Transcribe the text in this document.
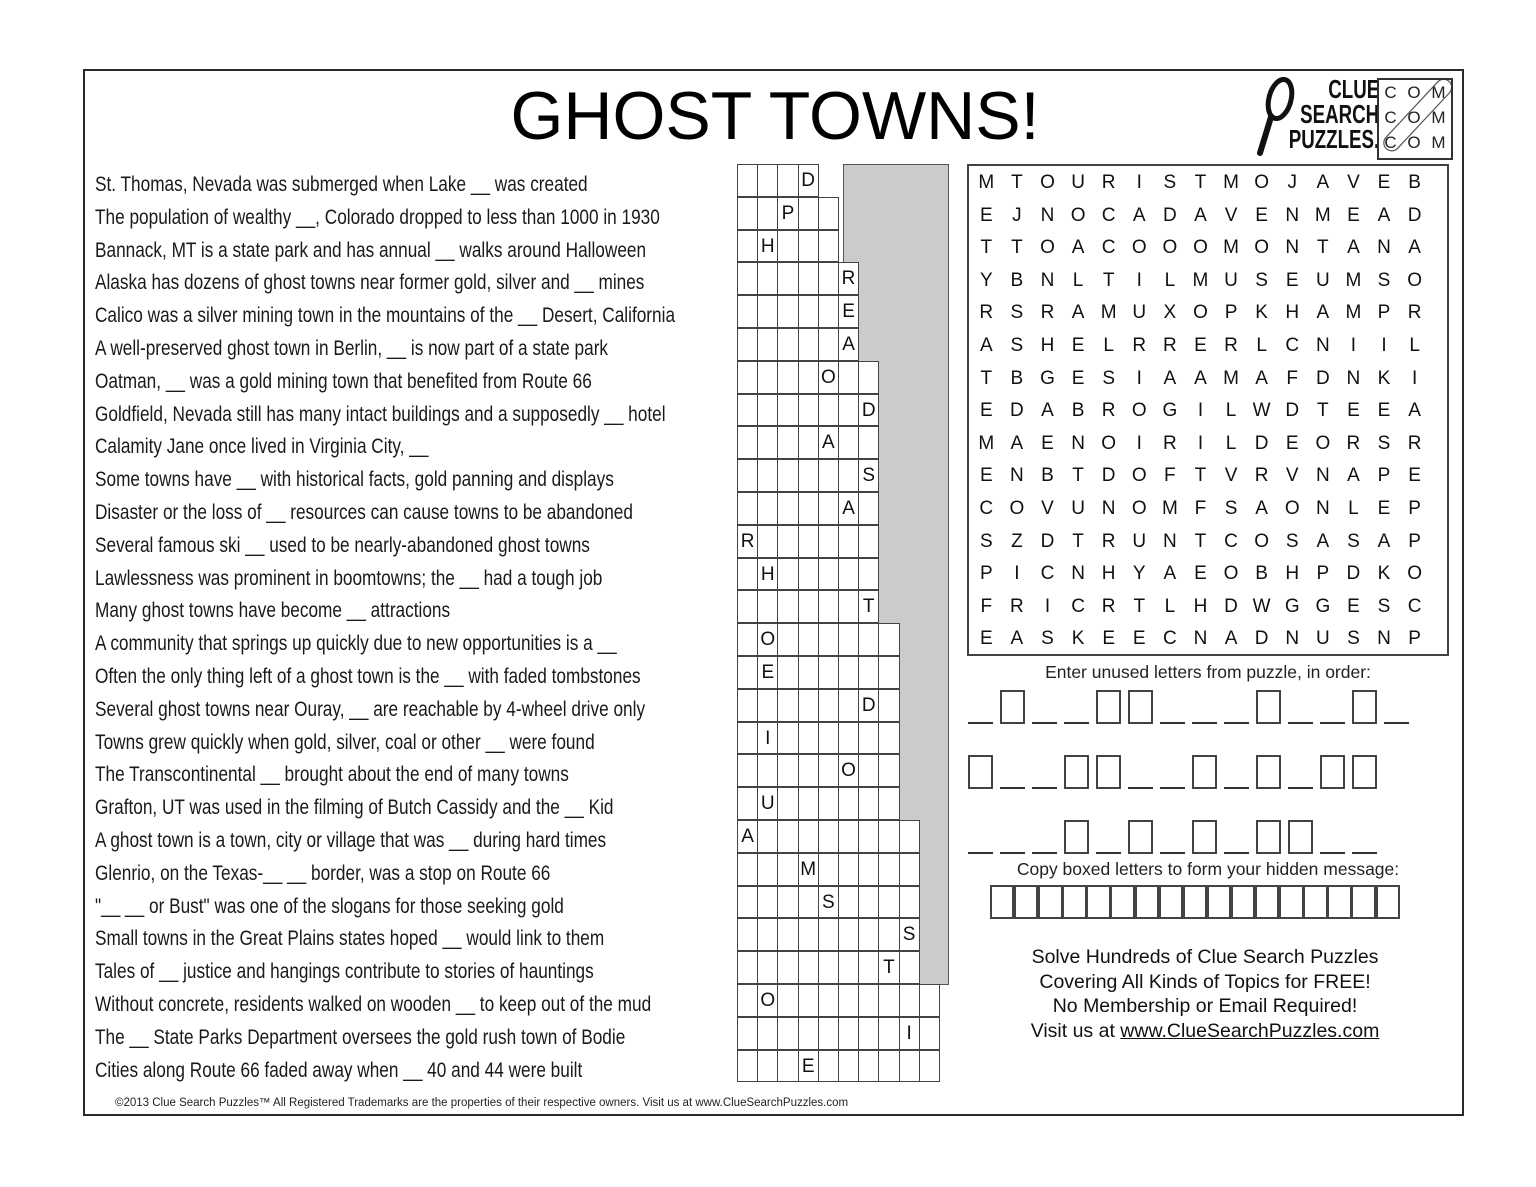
GHOST TOWNS!	CLUE
SEARCH
PUZZLES.
C O M
C O M
C O M
St. Thomas, Nevada was submerged when Lake __ was created
The population of wealthy __, Colorado dropped to less than 1000 in 1930
Bannack, MT is a state park and has annual __ walks around Halloween
Alaska has dozens of ghost towns near former gold, silver and __ mines
Calico was a silver mining town in the mountains of the __ Desert, California
A well-preserved ghost town in Berlin, __ is now part of a state park
Oatman, __ was a gold mining town that benefited from Route 66
Goldfield, Nevada still has many intact buildings and a supposedly __ hotel
Calamity Jane once lived in Virginia City, __
Some towns have __ with historical facts, gold panning and displays
Disaster or the loss of __ resources can cause towns to be abandoned
Several famous ski __ used to be nearly-abandoned ghost towns
Lawlessness was prominent in boomtowns; the __ had a tough job
Many ghost towns have become __ attractions
A community that springs up quickly due to new opportunities is a __
Often the only thing left of a ghost town is the __ with faded tombstones
Several ghost towns near Ouray, __ are reachable by 4-wheel drive only
Towns grew quickly when gold, silver, coal or other __ were found
The Transcontinental __ brought about the end of many towns
Grafton, UT was used in the filming of Butch Cassidy and the __ Kid
A ghost town is a town, city or village that was __ during hard times
Glenrio, on the Texas-__ __ border, was a stop on Route 66
"__ __ or Bust" was one of the slogans for those seeking gold
Small towns in the Great Plains states hoped __ would link to them
Tales of __ justice and hangings contribute to stories of hauntings
Without concrete, residents walked on wooden __ to keep out of the mud
The __ State Parks Department oversees the gold rush town of Bodie
Cities along Route 66 faded away when __ 40 and 44 were built
D
P
H
R
E
A
O
D
A
S
A
R
H
T
O
E
D
I
O
U
A
M
S
S
T
O
I
E
M T O U R	I	S T M O J	A V E B
E	J N O C A D A V E N M E A D
T T O A C O O O M O N T A N A
Y B N L	T	I	L M U S E U M S O
R S R A M U X O P K H A M P R
A S H E L R R E R L C N	I	I	L
T B G E S	I	A A M A F D N K	I
E D A B R O G	I	L W D T E E A
M A E N O	I	R	I	L D E O R S R
E N B T D O F T V R V N A P E
C O V U N O M F S A O N L E P
S Z D T R U N T C O S A S A P
P	I	C N H Y A E O B H P D K O
F R	I	C R T	L H D W G G E S C
E A S K E E C N A D N U S N P
Enter unused letters from puzzle, in order:
Copy boxed letters to form your hidden message:
Solve Hundreds of Clue Search Puzzles
Covering All Kinds of Topics for FREE!
No Membership or Email Required!
Visit us at www.ClueSearchPuzzles.com
©2013 Clue Search Puzzles™ All Registered Trademarks are the properties of their respective owners. Visit us at www.ClueSearchPuzzles.com
